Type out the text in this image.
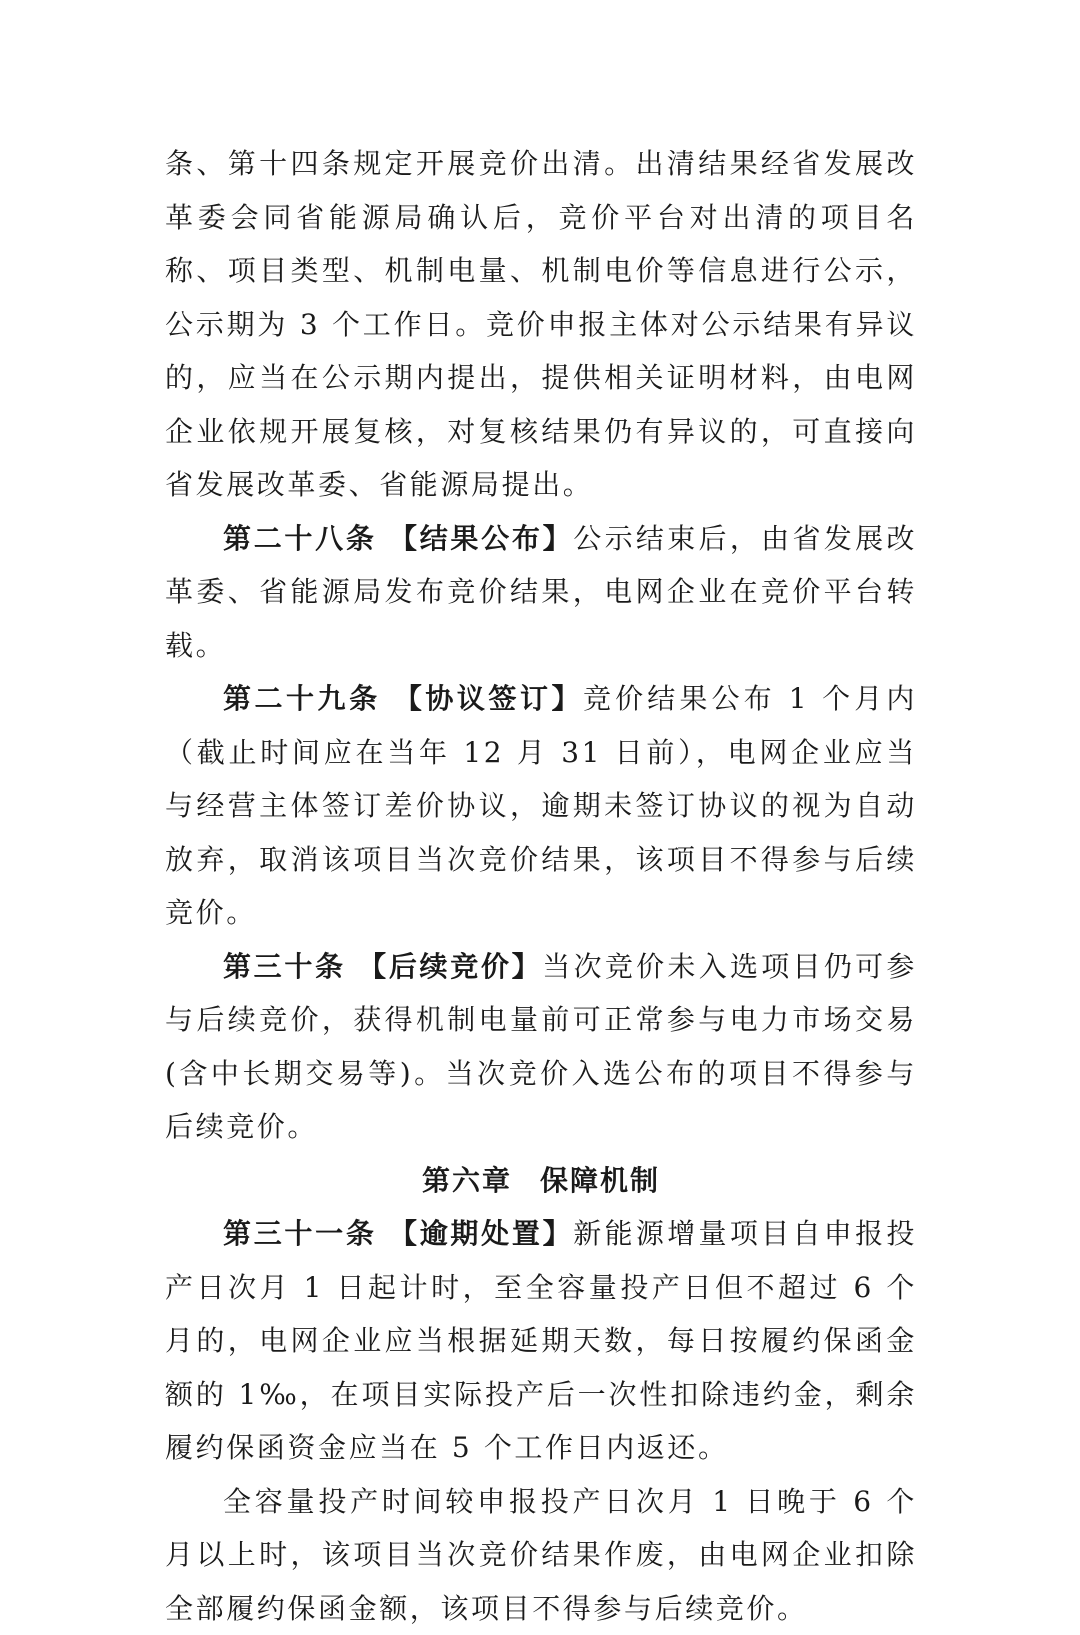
条、第十四条规定开展竞价出清。出清结果经省发展改革委会同省能源局确认后，竞价平台对出清的项目名称、项目类型、机制电量、机制电价等信息进行公示，公示期为 3 个工作日。竞价申报主体对公示结果有异议的，应当在公示期内提出，提供相关证明材料，由电网企业依规开展复核，对复核结果仍有异议的，可直接向省发展改革委、省能源局提出。

第二十八条 【结果公布】公示结束后，由省发展改革委、省能源局发布竞价结果，电网企业在竞价平台转载。

第二十九条 【协议签订】竞价结果公布 1 个月内（截止时间应在当年 12 月 31 日前），电网企业应当与经营主体签订差价协议，逾期未签订协议的视为自动放弃，取消该项目当次竞价结果，该项目不得参与后续竞价。

第三十条 【后续竞价】当次竞价未入选项目仍可参与后续竞价，获得机制电量前可正常参与电力市场交易(含中长期交易等)。当次竞价入选公布的项目不得参与后续竞价。

第六章 保障机制

第三十一条 【逾期处置】新能源增量项目自申报投产日次月 1 日起计时，至全容量投产日但不超过 6 个月的，电网企业应当根据延期天数，每日按履约保函金额的 1‰，在项目实际投产后一次性扣除违约金，剩余履约保函资金应当在 5 个工作日内返还。

全容量投产时间较申报投产日次月 1 日晚于 6 个月以上时，该项目当次竞价结果作废，由电网企业扣除全部履约保函金额，该项目不得参与后续竞价。
